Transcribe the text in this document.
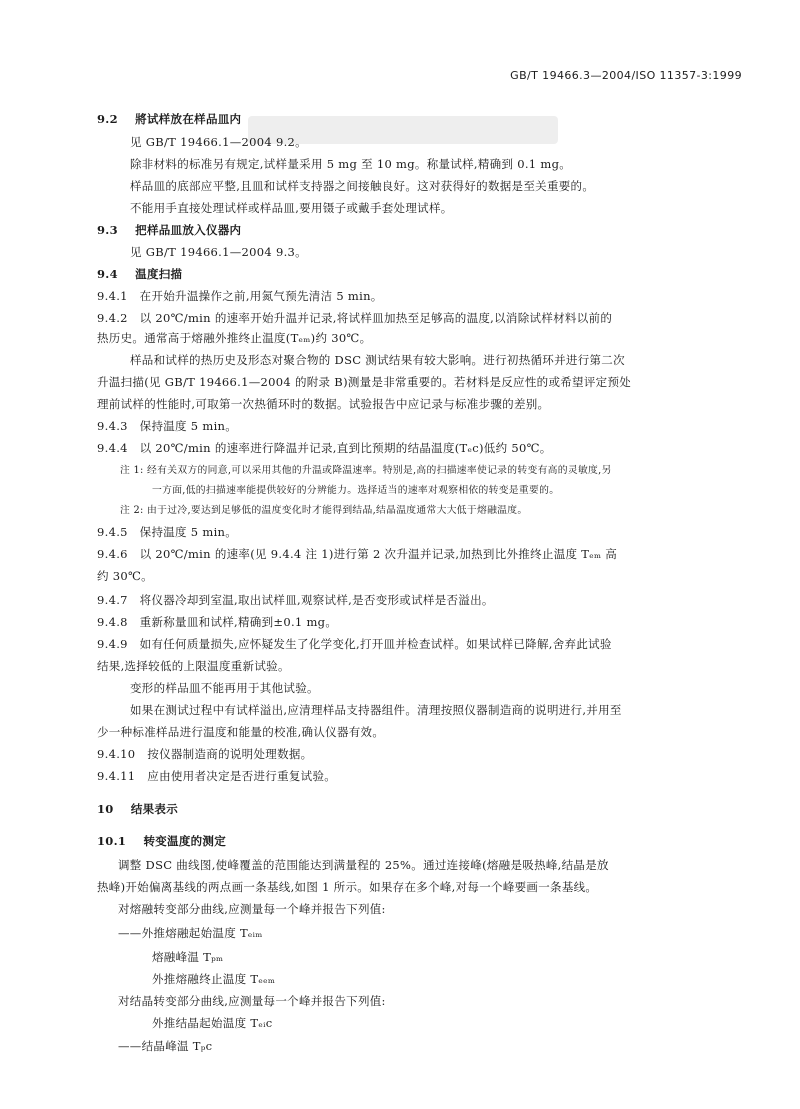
GB/T 19466.3—2004/ISO 11357-3:1999
9.2 將试样放在样品皿内
见 GB/T 19466.1—2004 9.2。
除非材料的标准另有规定,试样量采用 5 mg 至 10 mg。称量试样,精确到 0.1 mg。
样品皿的底部应平整,且皿和试样支持器之间接触良好。这对获得好的数据是至关重要的。
不能用手直接处理试样或样品皿,要用镊子或戴手套处理试样。
9.3 把样品皿放入仪器内
见 GB/T 19466.1—2004 9.3。
9.4 温度扫描
9.4.1 在开始升温操作之前,用氮气预先清洁 5 min。
9.4.2 以 20℃/min 的速率开始升温并记录,将试样皿加热至足够高的温度,以消除试样材料以前的
热历史。通常高于熔融外推终止温度(Tₑₘ)约 30℃。
样品和试样的热历史及形态对聚合物的 DSC 测试结果有较大影响。进行初热循环并进行第二次
升温扫描(见 GB/T 19466.1—2004 的附录 B)测量是非常重要的。若材料是反应性的或希望评定预处
理前试样的性能时,可取第一次热循环时的数据。试验报告中应记录与标准步骤的差别。
9.4.3 保持温度 5 min。
9.4.4 以 20℃/min 的速率进行降温并记录,直到比预期的结晶温度(Tₑc)低约 50℃。
注 1: 经有关双方的同意,可以采用其他的升温或降温速率。特别是,高的扫描速率使记录的转变有高的灵敏度,另
一方面,低的扫描速率能提供较好的分辨能力。选择适当的速率对观察相依的转变是重要的。
注 2: 由于过冷,要达到足够低的温度变化时才能得到结晶,结晶温度通常大大低于熔融温度。
9.4.5 保持温度 5 min。
9.4.6 以 20℃/min 的速率(见 9.4.4 注 1)进行第 2 次升温并记录,加热到比外推终止温度 Tₑₘ 高
约 30℃。
9.4.7 将仪器冷却到室温,取出试样皿,观察试样,是否变形或试样是否溢出。
9.4.8 重新称量皿和试样,精确到±0.1 mg。
9.4.9 如有任何质量损失,应怀疑发生了化学变化,打开皿并检查试样。如果试样已降解,舍弃此试验
结果,选择较低的上限温度重新试验。
变形的样品皿不能再用于其他试验。
如果在测试过程中有试样溢出,应清理样品支持器组件。清理按照仪器制造商的说明进行,并用至
少一种标准样品进行温度和能量的校准,确认仪器有效。
9.4.10 按仪器制造商的说明处理数据。
9.4.11 应由使用者决定是否进行重复试验。
10 结果表示
10.1 转变温度的测定
调整 DSC 曲线图,使峰覆盖的范围能达到满量程的 25%。通过连接峰(熔融是吸热峰,结晶是放
热峰)开始偏离基线的两点画一条基线,如图 1 所示。如果存在多个峰,对每一个峰要画一条基线。
对熔融转变部分曲线,应测量每一个峰并报告下列值:
——外推熔融起始温度 Tₑᵢₘ
熔融峰温 Tₚₘ
外推熔融终止温度 Tₑₑₘ
对结晶转变部分曲线,应测量每一个峰并报告下列值:
外推结晶起始温度 Tₑᵢc
——结晶峰温 Tₚc
